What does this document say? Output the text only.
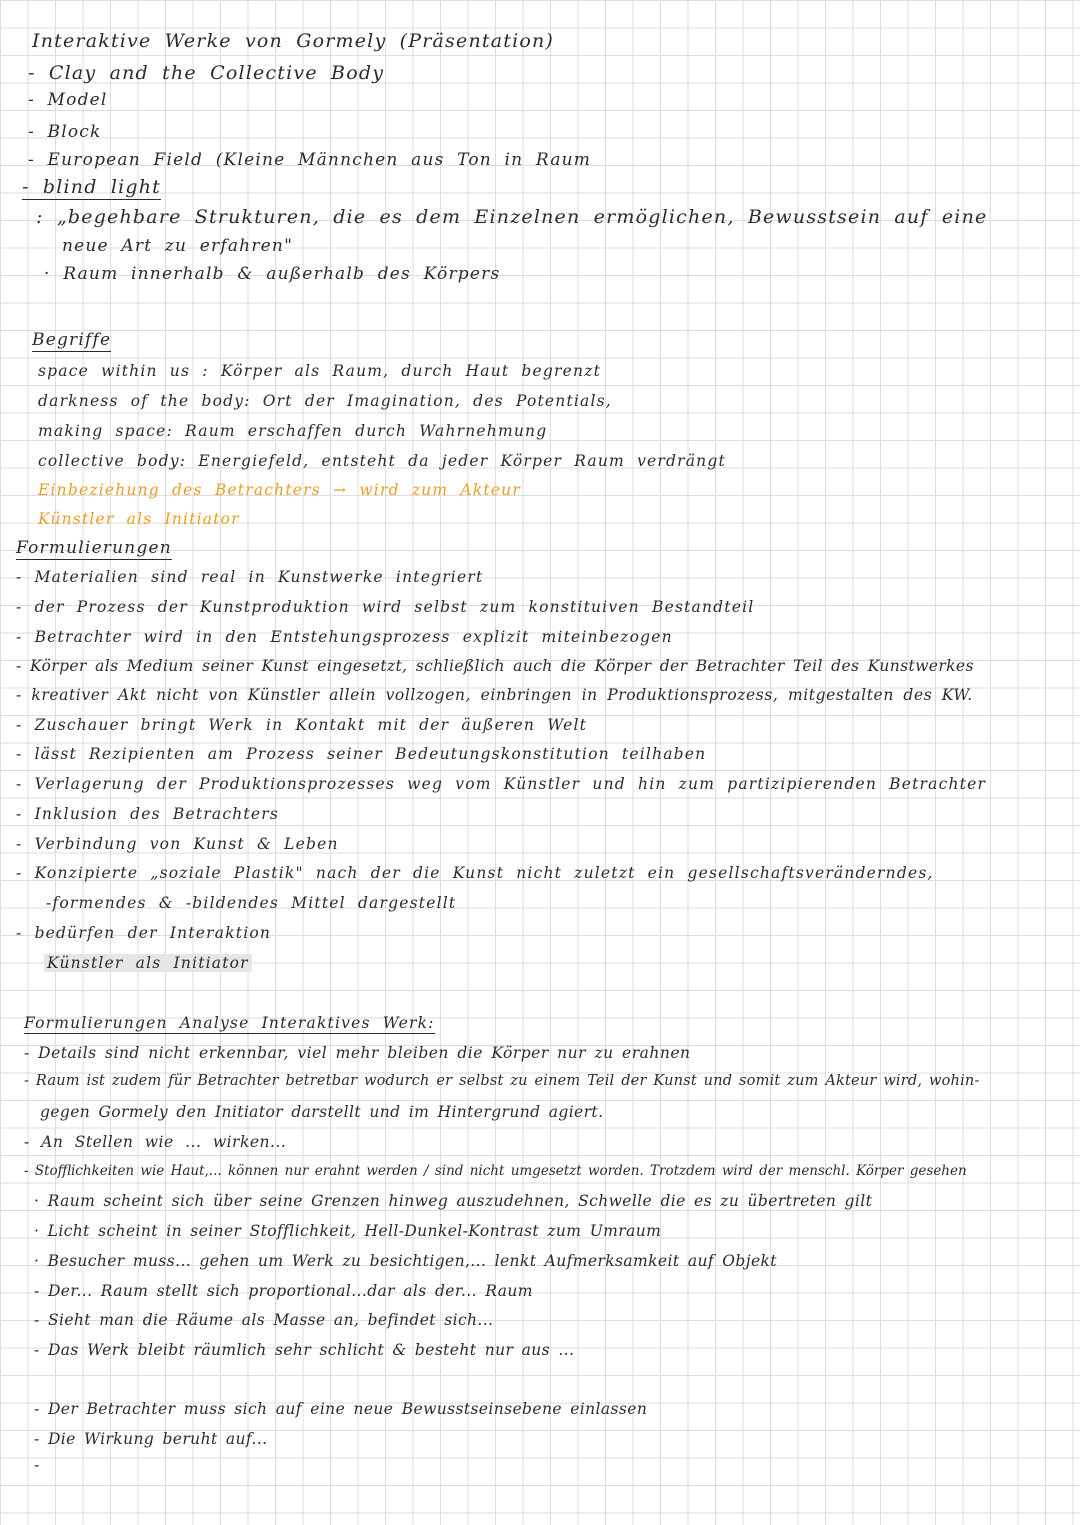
Interaktive Werke von Gormely (Präsentation)
- Clay and the Collective Body
- Model
- Block
- European Field (Kleine Männchen aus Ton in Raum
- blind light
: „begehbare Strukturen, die es dem Einzelnen ermöglichen, Bewusstsein auf eine
neue Art zu erfahren"
· Raum innerhalb & außerhalb des Körpers
Begriffe
space within us : Körper als Raum, durch Haut begrenzt
darkness of the body: Ort der Imagination, des Potentials,
making space: Raum erschaffen durch Wahrnehmung
collective body: Energiefeld, entsteht da jeder Körper Raum verdrängt
Einbeziehung des Betrachters → wird zum Akteur
Künstler als Initiator
Formulierungen
- Materialien sind real in Kunstwerke integriert
- der Prozess der Kunstproduktion wird selbst zum konstituiven Bestandteil
- Betrachter wird in den Entstehungsprozess explizit miteinbezogen
- Körper als Medium seiner Kunst eingesetzt, schließlich auch die Körper der Betrachter Teil des Kunstwerkes
- kreativer Akt nicht von Künstler allein vollzogen, einbringen in Produktionsprozess, mitgestalten des KW.
- Zuschauer bringt Werk in Kontakt mit der äußeren Welt
- lässt Rezipienten am Prozess seiner Bedeutungskonstitution teilhaben
- Verlagerung der Produktionsprozesses weg vom Künstler und hin zum partizipierenden Betrachter
- Inklusion des Betrachters
- Verbindung von Kunst & Leben
- Konzipierte „soziale Plastik" nach der die Kunst nicht zuletzt ein gesellschaftsveränderndes,
-formendes & -bildendes Mittel dargestellt
- bedürfen der Interaktion
Künstler als Initiator
Formulierungen Analyse Interaktives Werk:
- Details sind nicht erkennbar, viel mehr bleiben die Körper nur zu erahnen
- Raum ist zudem für Betrachter betretbar wodurch er selbst zu einem Teil der Kunst und somit zum Akteur wird, wohin-
gegen Gormely den Initiator darstellt und im Hintergrund agiert.
- An Stellen wie ... wirken...
- Stofflichkeiten wie Haut,... können nur erahnt werden / sind nicht umgesetzt worden. Trotzdem wird der menschl. Körper gesehen
· Raum scheint sich über seine Grenzen hinweg auszudehnen, Schwelle die es zu übertreten gilt
· Licht scheint in seiner Stofflichkeit, Hell-Dunkel-Kontrast zum Umraum
· Besucher muss... gehen um Werk zu besichtigen,... lenkt Aufmerksamkeit auf Objekt
- Der... Raum stellt sich proportional...dar als der... Raum
- Sieht man die Räume als Masse an, befindet sich...
- Das Werk bleibt räumlich sehr schlicht & besteht nur aus ...
- Der Betrachter muss sich auf eine neue Bewusstseinsebene einlassen
- Die Wirkung beruht auf...
-
